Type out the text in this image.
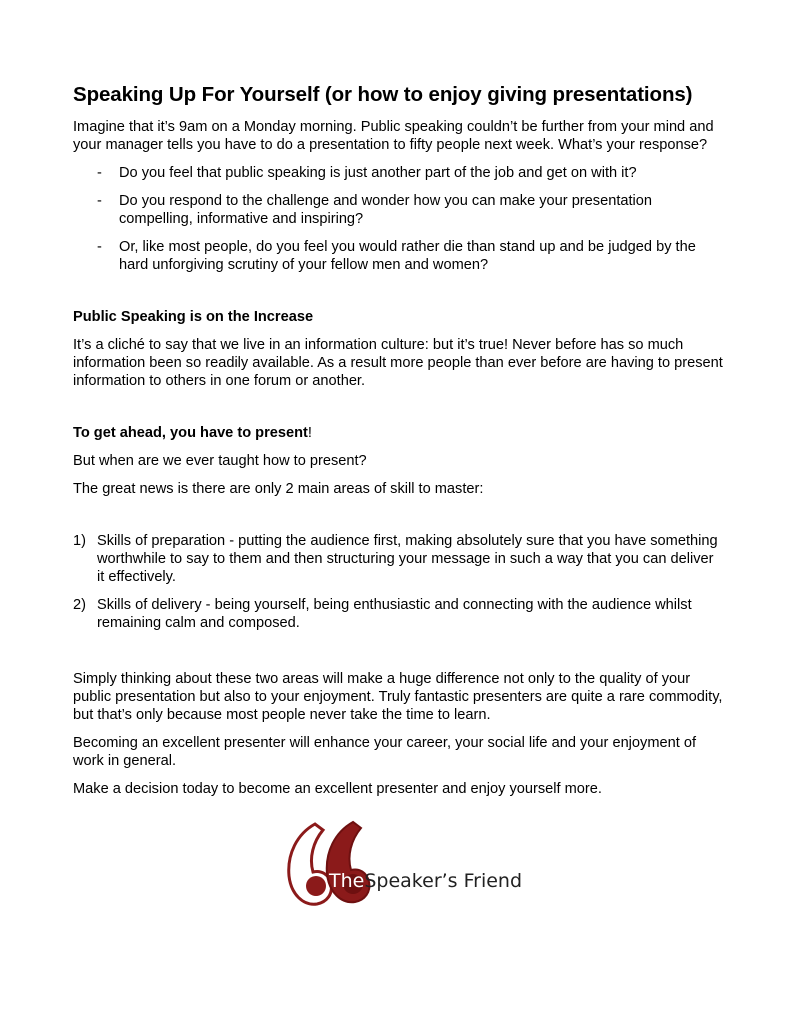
Speaking Up For Yourself (or how to enjoy giving presentations)

Imagine that it’s 9am on a Monday morning. Public speaking couldn’t be further from your mind and your manager tells you have to do a presentation to fifty people next week. What’s your response?

- Do you feel that public speaking is just another part of the job and get on with it?
- Do you respond to the challenge and wonder how you can make your presentation compelling, informative and inspiring?
- Or, like most people, do you feel you would rather die than stand up and be judged by the hard unforgiving scrutiny of your fellow men and women?
Public Speaking is on the Increase

It’s a cliché to say that we live in an information culture: but it’s true! Never before has so much information been so readily available. As a result more people than ever before are having to present information to others in one forum or another.

To get ahead, you have to present!

But when are we ever taught how to present?

The great news is there are only 2 main areas of skill to master:

1) Skills of preparation - putting the audience first, making absolutely sure that you have something worthwhile to say to them and then structuring your message in such a way that you can deliver it effectively.
2) Skills of delivery - being yourself, being enthusiastic and connecting with the audience whilst remaining calm and composed.

Simply thinking about these two areas will make a huge difference not only to the quality of your public presentation but also to your enjoyment. Truly fantastic presenters are quite a rare commodity, but that’s only because most people never take the time to learn.

Becoming an excellent presenter will enhance your career, your social life and your enjoyment of work in general.

Make a decision today to become an excellent presenter and enjoy yourself more.

TheSpeaker’s Friend
